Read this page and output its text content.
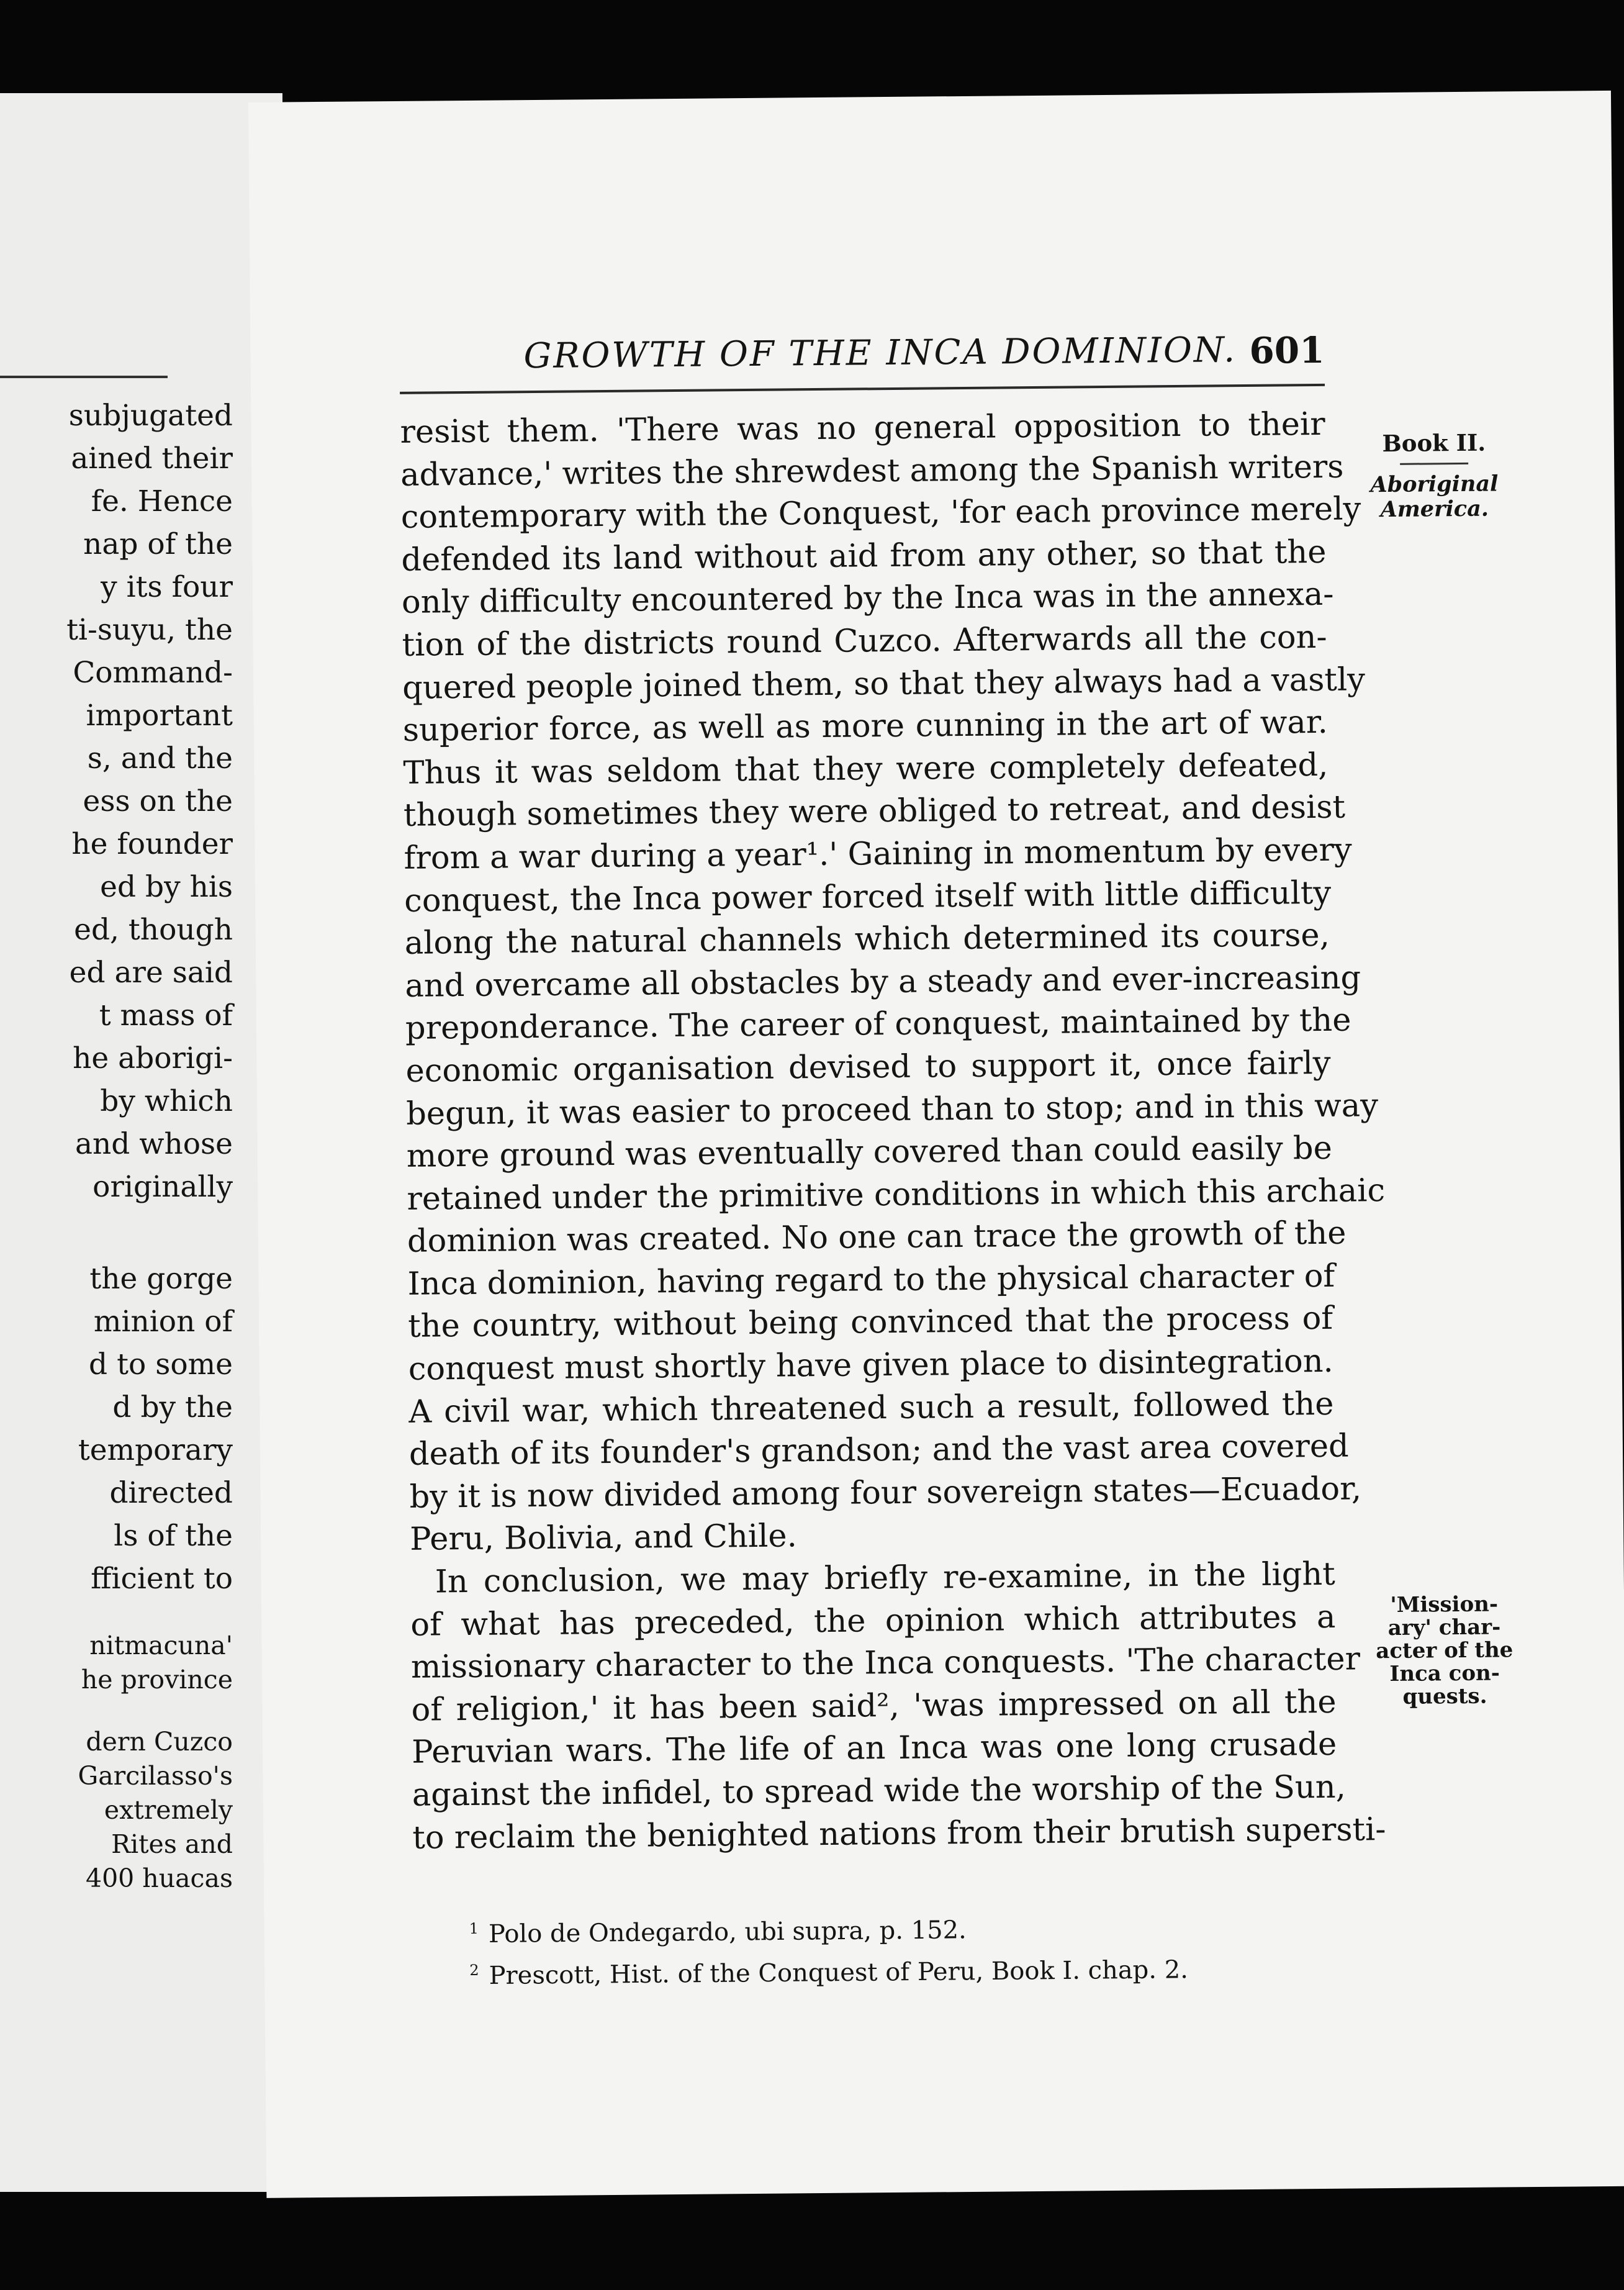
subjugated
ained their
fe. Hence
nap of the
y its four
ti-suyu, the
Command-
important
s, and the
ess on the
he founder
ed by his
ed, though
ed are said
t mass of
he aborigi-
by which
and whose
originally
the gorge
minion of
d to some
d by the
temporary
directed
ls of the
fficient to
nitmacuna'
he province
dern Cuzco
Garcilasso's
extremely
Rites and
400 huacas
GROWTH OF THE INCA DOMINION. 601
Book II.
Aboriginal
America.
'Mission-
ary' char-
acter of the
Inca con-
quests.
resist them. 'There was no general opposition to their
advance,' writes the shrewdest among the Spanish writers
contemporary with the Conquest, 'for each province merely
defended its land without aid from any other, so that the
only difficulty encountered by the Inca was in the annexa-
tion of the districts round Cuzco. Afterwards all the con-
quered people joined them, so that they always had a vastly
superior force, as well as more cunning in the art of war.
Thus it was seldom that they were completely defeated,
though sometimes they were obliged to retreat, and desist
from a war during a year¹.' Gaining in momentum by every
conquest, the Inca power forced itself with little difficulty
along the natural channels which determined its course,
and overcame all obstacles by a steady and ever-increasing
preponderance. The career of conquest, maintained by the
economic organisation devised to support it, once fairly
begun, it was easier to proceed than to stop; and in this way
more ground was eventually covered than could easily be
retained under the primitive conditions in which this archaic
dominion was created. No one can trace the growth of the
Inca dominion, having regard to the physical character of
the country, without being convinced that the process of
conquest must shortly have given place to disintegration.
A civil war, which threatened such a result, followed the
death of its founder's grandson; and the vast area covered
by it is now divided among four sovereign states—Ecuador,
Peru, Bolivia, and Chile.
In conclusion, we may briefly re-examine, in the light
of what has preceded, the opinion which attributes a
missionary character to the Inca conquests. 'The character
of religion,' it has been said², 'was impressed on all the
Peruvian wars. The life of an Inca was one long crusade
against the infidel, to spread wide the worship of the Sun,
to reclaim the benighted nations from their brutish supersti-
$^1$ Polo de Ondegardo, ubi supra, p. 152.
$^2$ Prescott, Hist. of the Conquest of Peru, Book I. chap. 2.
